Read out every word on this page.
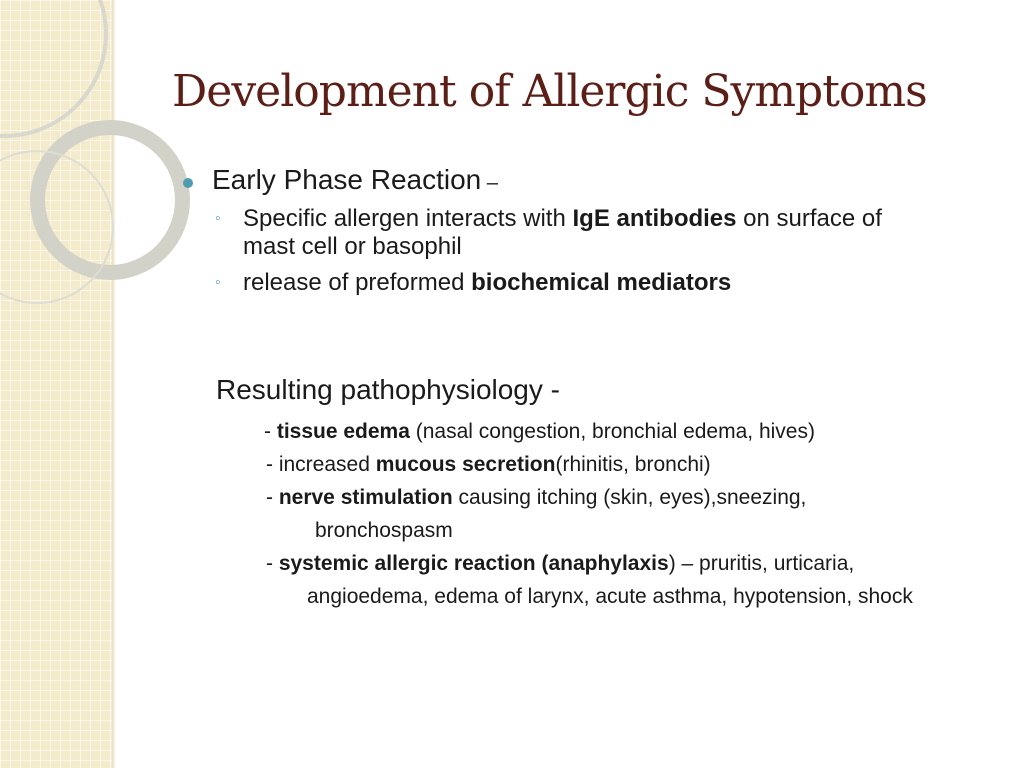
Development of Allergic Symptoms
Early Phase Reaction –
◦ Specific allergen interacts with IgE antibodies on surface of
mast cell or basophil
◦ release of preformed biochemical mediators
Resulting pathophysiology -
- tissue edema (nasal congestion, bronchial edema, hives)
- increased mucous secretion(rhinitis, bronchi)
- nerve stimulation causing itching (skin, eyes),sneezing,
bronchospasm
- systemic allergic reaction (anaphylaxis) – pruritis, urticaria,
angioedema, edema of larynx, acute asthma, hypotension, shock
